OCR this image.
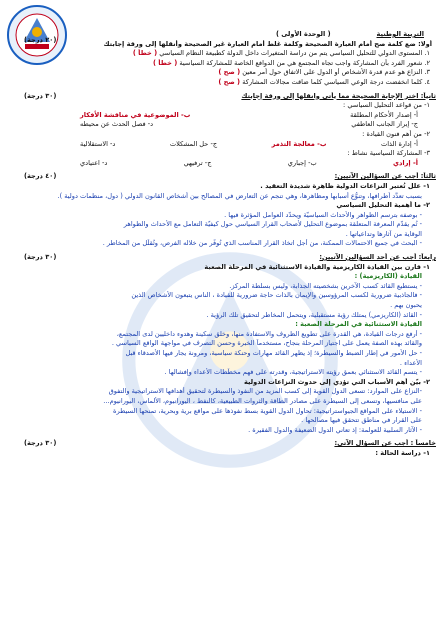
التربية الوطنية                    ( الوحدة الأولى )
أولا: ضع كلمة صح أمام العبارة الصحيحة وكلمة غلط أمام العبارة غير الصحيحة وأنقلها إلى ورقة إجابتك
(٢٠ درجة)
١. المستوى الدولي للتحليل السياسي يتم من دراسة المتغيرات داخل الدولة كطبيعة النظام السياسي ( خطأ )
٢. شعور الفرد بأن المشاركة واجب تجاه المجتمع هي من الدوافع الخاصة للمشاركة السياسية ( خطأ )
٣. النزاع هو عدم قدرة الأشخاص أو الدول على الاتفاق حول أمر معين ( صح )
٤. كلما انخفضت درجة الوعي السياسي كلما ضاقت مجالات المشاركة ( صح )
ثانياً: اختر الإجابة الصحيحة مما يأتي وانقلها إلى ورقة إجابتك
(٣٠ درجة)
١- من قواعد التحليل السياسي :
أ- إصدار الأحكام المطلقة
ب- الموضوعية في مناقشة الأفكار
ج- إبراز الجانب العاطفي
د- فصل الحدث عن محيطه
٢- من أهم فنون القيادة :
أ- إدارة الذات
ب- معالجة التذمر
ج- حل المشكلات
د- الاستقلالية
٣- المشاركة السياسية نشاط :
أ- إرادي
ب- إجباري
ج- ترفيهي
د- اعتيادي
ثالثاً: أجب عن السؤالين الآتيين:
(٤٠ درجة)
١- علل تُعتبر النزاعات الدولية ظاهرة شديدة التعقيد .
بسبب تعدُّد أطرافها، وتنوُّع أسبابها ومظاهرها، وهي تنجم عن التعارض في المصالح بين أشخاص القانون الدولي ( دول، منظمات دولية ).
٢- ما أهمية التحليل السياسي
- بوصفه بترسم الظواهر والأحداث السياسيّة ويحدّد العوامل المؤثرة فيها .
- تُم يقدّم المعرفة المتعلقة بموضوع التحليل لأصحاب القرار السياسي حول كيفيّة التعامل مع الأحداث والظواهر
الوقاية من آثارها وتداعياتها .
- البحث في جميع الاحتمالات الممكنة، من أجل اتخاذ القرار المناسب الذي تُوفِّر من خلاله الفرص، وتُقلِّل من المخاطر .
رابعاً: أجب عن أحد السؤالين الآتيين:
(٣٠ درجة)
١- قارن بين القيادة الكاريزمية والقيادة الاستثنائية في المرحلة الصعبة
القيادة (الكاريزمية) :
- يستطيع القائد كسب الآخرين بشخصيته الجذابة، وليس بسلطة المركز.
- فالجاذبية ضرورية لكسب المرؤوسين والإيمان بالذات حاجة ضرورية للقيادة ، الناس يتبعون الأشخاص الذين
يحبون بهم .
- القائد (الكاريزمي) يمتلك رؤية مستقبلية، ويتحمل المخاطر لتحقيق تلك الرؤية .
القيادة الاستثنائية في المرحلة الصعبة :
- أرفع درجات القيادة، هي القدرة على تطويع الظروف والاستفادة منها، وخلق سكينة وهدوء داخليين لدى المجتمع،
والقائد بهذه الصفة يعمل على اجتياز المرحلة بنجاح، مستخدماً الخبرة وحسن التصرف في مواجهة الواقع السياسي .
- حل الأمور في إطار الضبط والسيطرة؛ إذ يظهر القائد مهارات وحنكة سياسية، ومرونة يجار فيها الأصدقاء قبل
الأعداء .
- يتسم القائد الاستثنائي بعمق رؤيته الاستراتيجية، وقدرته على فهم مخطّطات الأعداء وإفشالها .
٢- بيّن أهم الأسباب التي تؤدي إلى حدوث النزاعات الدولية
-النزاع على الموارد: تسعى الدول القوية إلى كسب المزيد من النفوذ والسيطرة لتحقيق أهدافها الاستراتيجية والتفوق
على منافسيها، وتسعى إلى السيطرة على مصادر الطاقة والثروات الطبيعية، كالنفط ، اليورانيوم، الألماس، اليورانيوم...
- الاستيلاء على المواقع الجيواستراتيجية: تحاول الدول القوية بسط نفوذها على مواقع برية وبحرية، تمنحها السيطرة
على القرار في مناطق تتحقق فيها مصالحها .
- الآثار السلبية للعولمة: إذ تعاني الدول الضعيفة والدول الفقيرة .
خامساً : أجب عن السؤال الآتي:
(٣٠ درجة)
١- دراسة الحالة :
